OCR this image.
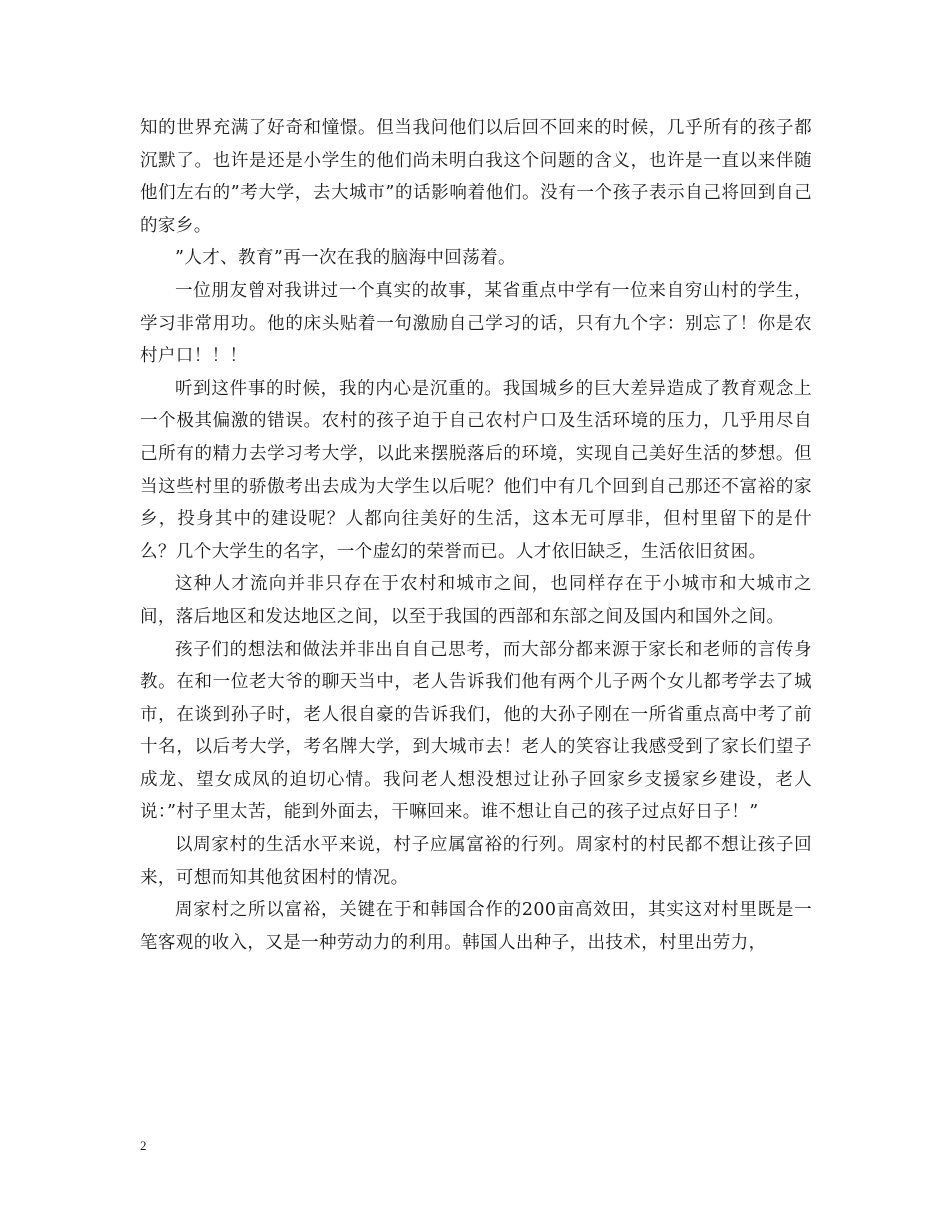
知的世界充满了好奇和憧憬。但当我问他们以后回不回来的时候，几乎所有的孩子都沉默了。也许是还是小学生的他们尚未明白我这个问题的含义，也许是一直以来伴随他们左右的”考大学，去大城市”的话影响着他们。没有一个孩子表示自己将回到自己的家乡。

”人才、教育”再一次在我的脑海中回荡着。

一位朋友曾对我讲过一个真实的故事，某省重点中学有一位来自穷山村的学生，学习非常用功。他的床头贴着一句激励自己学习的话，只有九个字：别忘了！你是农村户口！！！

听到这件事的时候，我的内心是沉重的。我国城乡的巨大差异造成了教育观念上一个极其偏激的错误。农村的孩子迫于自己农村户口及生活环境的压力，几乎用尽自己所有的精力去学习考大学，以此来摆脱落后的环境，实现自己美好生活的梦想。但当这些村里的骄傲考出去成为大学生以后呢？他们中有几个回到自己那还不富裕的家乡，投身其中的建设呢？人都向往美好的生活，这本无可厚非，但村里留下的是什么？几个大学生的名字，一个虚幻的荣誉而已。人才依旧缺乏，生活依旧贫困。

这种人才流向并非只存在于农村和城市之间，也同样存在于小城市和大城市之间，落后地区和发达地区之间，以至于我国的西部和东部之间及国内和国外之间。

孩子们的想法和做法并非出自自己思考，而大部分都来源于家长和老师的言传身教。在和一位老大爷的聊天当中，老人告诉我们他有两个儿子两个女儿都考学去了城市，在谈到孙子时，老人很自豪的告诉我们，他的大孙子刚在一所省重点高中考了前十名，以后考大学，考名牌大学，到大城市去！老人的笑容让我感受到了家长们望子成龙、望女成凤的迫切心情。我问老人想没想过让孙子回家乡支援家乡建设，老人说：”村子里太苦，能到外面去，干嘛回来。谁不想让自己的孩子过点好日子！”

以周家村的生活水平来说，村子应属富裕的行列。周家村的村民都不想让孩子回来，可想而知其他贫困村的情况。

周家村之所以富裕，关键在于和韩国合作的200亩高效田，其实这对村里既是一笔客观的收入，又是一种劳动力的利用。韩国人出种子，出技术，村里出劳力，

2
